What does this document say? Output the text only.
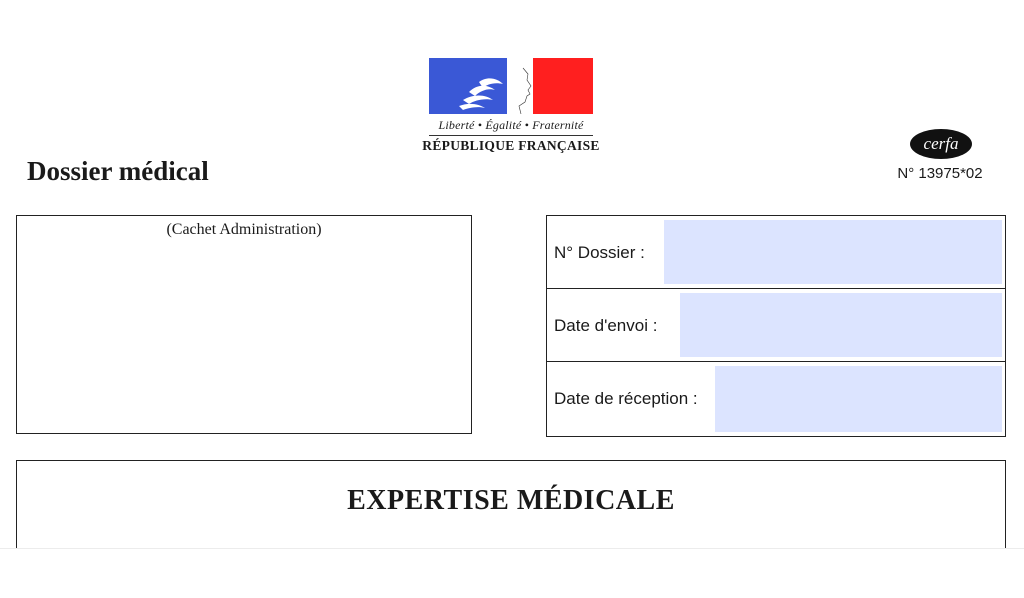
Liberté • Égalité • Fraternité
RÉPUBLIQUE FRANÇAISE
Dossier médical
cerfa
N° 13975*02
(Cachet Administration)
N° Dossier :
Date d'envoi :
Date de réception :
EXPERTISE MÉDICALE
